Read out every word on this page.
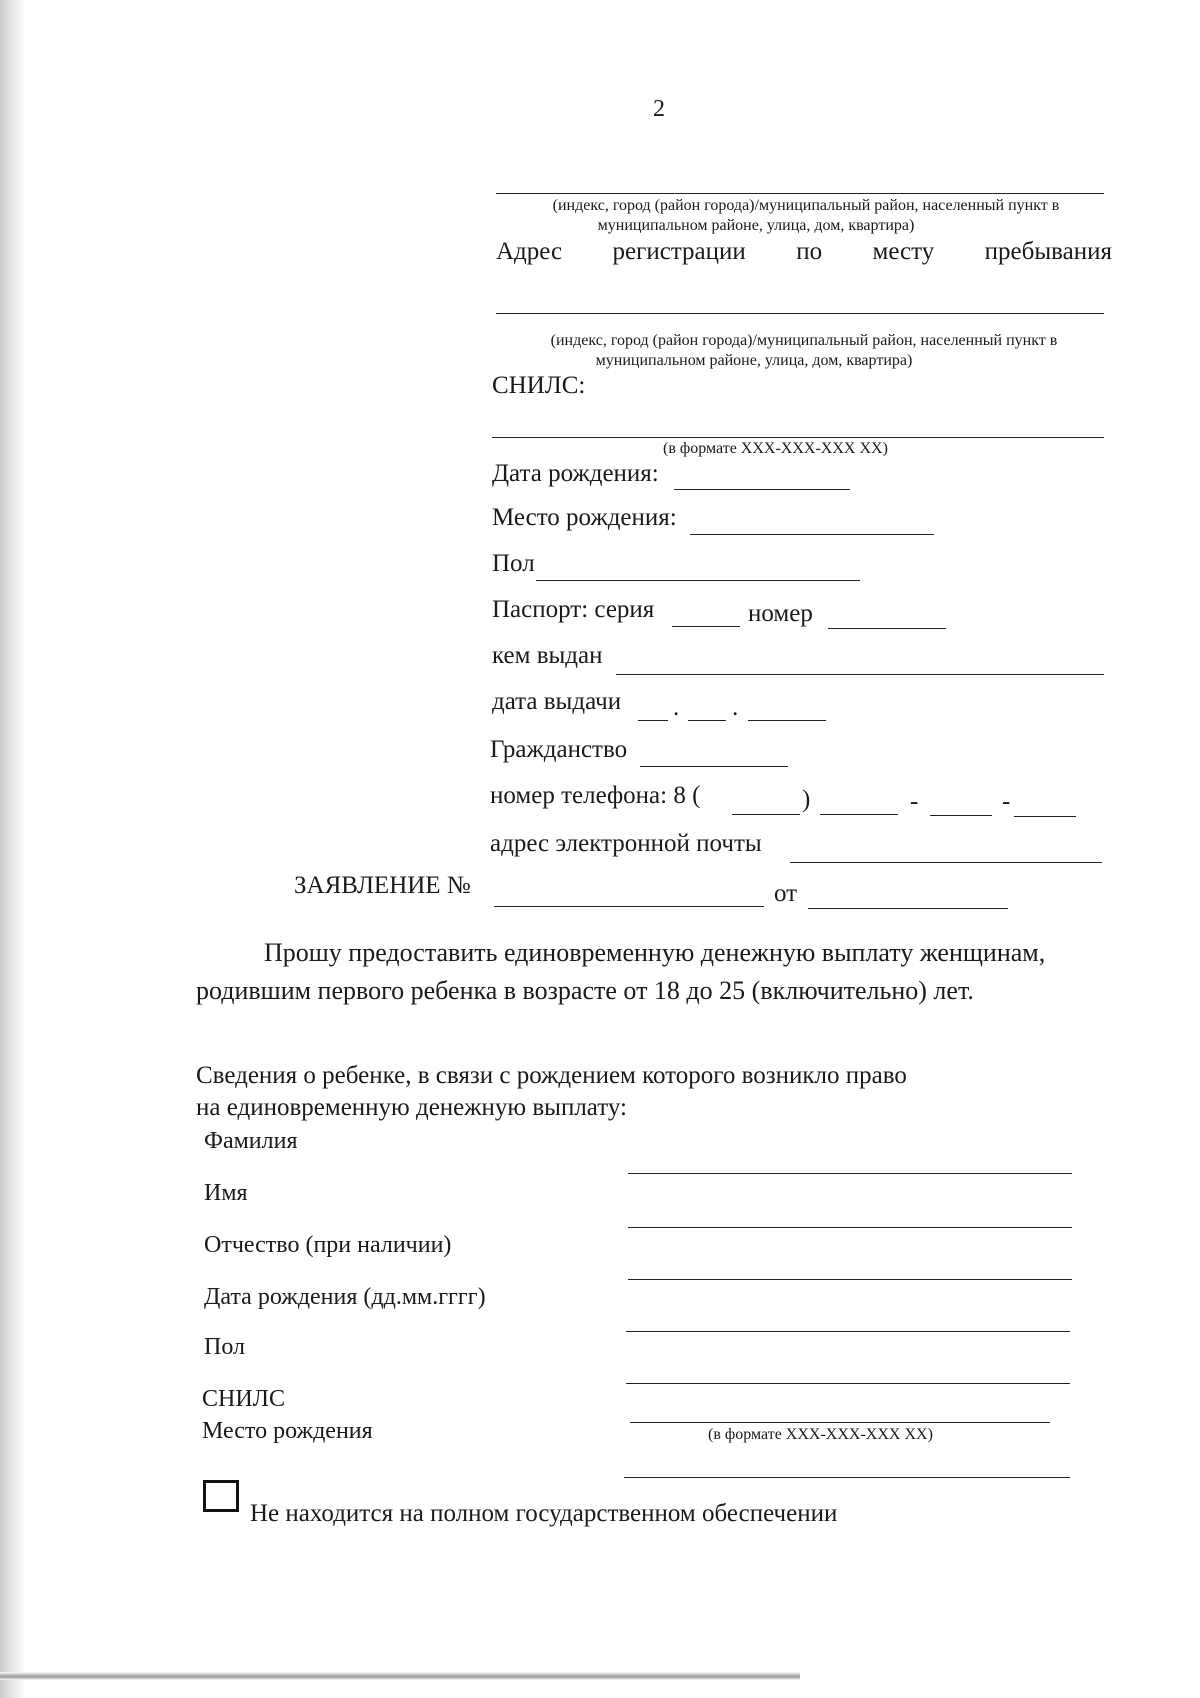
2
(индекс, город (район города)/муниципальный район, населенный пункт в
муниципальном районе, улица, дом, квартира)
Адрес регистрации по месту пребывания
(индекс, город (район города)/муниципальный район, населенный пункт в
муниципальном районе, улица, дом, квартира)
СНИЛС:
(в формате ХХХ-ХХХ-ХХХ ХХ)
Дата рождения:
Место рождения:
Пол
Паспорт: серия	номер
кем выдан
дата выдачи . .
Гражданство
номер телефона: 8 (	)	-	-
адрес электронной почты
ЗАЯВЛЕНИЕ №	от
Прошу предоставить единовременную денежную выплату женщинам,
родившим первого ребенка в возрасте от 18 до 25 (включительно) лет.
Сведения о ребенке, в связи с рождением которого возникло право
на единовременную денежную выплату:
Фамилия
Имя
Отчество (при наличии)
Дата рождения (дд.мм.гггг)
Пол
СНИЛС
(в формате ХХХ-ХХХ-ХХХ ХХ)
Место рождения
Не находится на полном государственном обеспечении
